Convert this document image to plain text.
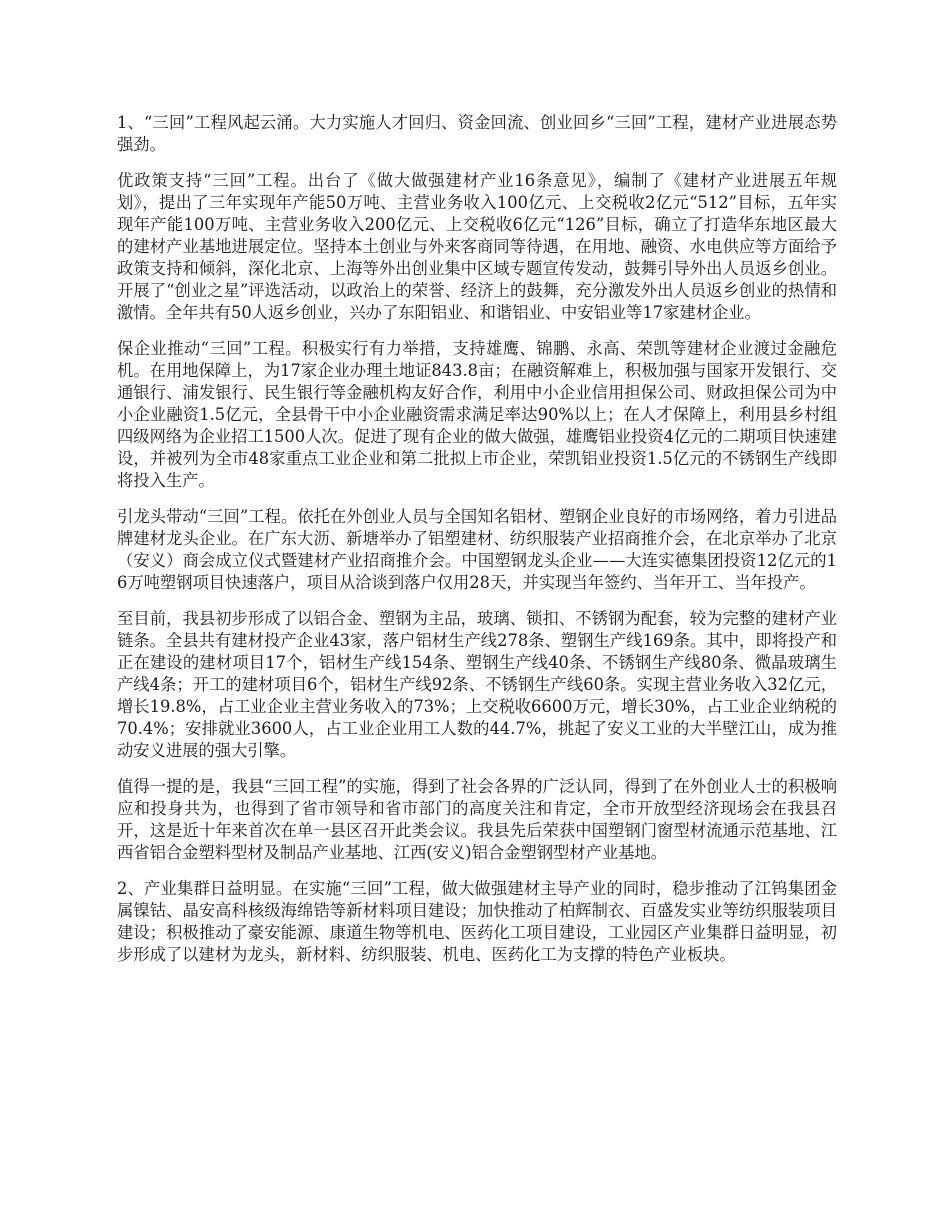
1、“三回”工程风起云涌。大力实施人才回归、资金回流、创业回乡“三回”工程，建材产业进展态势强劲。

优政策支持“三回”工程。出台了《做大做强建材产业16条意见》，编制了《建材产业进展五年规划》，提出了三年实现年产能50万吨、主营业务收入100亿元、上交税收2亿元“512”目标，五年实现年产能100万吨、主营业务收入200亿元、上交税收6亿元“126”目标，确立了打造华东地区最大的建材产业基地进展定位。坚持本土创业与外来客商同等待遇，在用地、融资、水电供应等方面给予政策支持和倾斜，深化北京、上海等外出创业集中区域专题宣传发动，鼓舞引导外出人员返乡创业。开展了“创业之星”评选活动，以政治上的荣誉、经济上的鼓舞，充分激发外出人员返乡创业的热情和激情。全年共有50人返乡创业，兴办了东阳铝业、和谐铝业、中安铝业等17家建材企业。

保企业推动“三回”工程。积极实行有力举措，支持雄鹰、锦鹏、永高、荣凯等建材企业渡过金融危机。在用地保障上，为17家企业办理土地证843.8亩；在融资解难上，积极加强与国家开发银行、交通银行、浦发银行、民生银行等金融机构友好合作，利用中小企业信用担保公司、财政担保公司为中小企业融资1.5亿元，全县骨干中小企业融资需求满足率达90%以上；在人才保障上，利用县乡村组四级网络为企业招工1500人次。促进了现有企业的做大做强，雄鹰铝业投资4亿元的二期项目快速建设，并被列为全市48家重点工业企业和第二批拟上市企业，荣凯铝业投资1.5亿元的不锈钢生产线即将投入生产。

引龙头带动“三回”工程。依托在外创业人员与全国知名铝材、塑钢企业良好的市场网络，着力引进品牌建材龙头企业。在广东大沥、新塘举办了铝塑建材、纺织服装产业招商推介会，在北京举办了北京（安义）商会成立仪式暨建材产业招商推介会。中国塑钢龙头企业——大连实德集团投资12亿元的16万吨塑钢项目快速落户，项目从洽谈到落户仅用28天，并实现当年签约、当年开工、当年投产。

至目前，我县初步形成了以铝合金、塑钢为主品，玻璃、锁扣、不锈钢为配套，较为完整的建材产业链条。全县共有建材投产企业43家，落户铝材生产线278条、塑钢生产线169条。其中，即将投产和正在建设的建材项目17个，铝材生产线154条、塑钢生产线40条、不锈钢生产线80条、微晶玻璃生产线4条；开工的建材项目6个，铝材生产线92条、不锈钢生产线60条。实现主营业务收入32亿元，增长19.8%，占工业企业主营业务收入的73%；上交税收6600万元，增长30%，占工业企业纳税的70.4%；安排就业3600人，占工业企业用工人数的44.7%，挑起了安义工业的大半壁江山，成为推动安义进展的强大引擎。

值得一提的是，我县“三回工程”的实施，得到了社会各界的广泛认同，得到了在外创业人士的积极响应和投身共为，也得到了省市领导和省市部门的高度关注和肯定，全市开放型经济现场会在我县召开，这是近十年来首次在单一县区召开此类会议。我县先后荣获中国塑钢门窗型材流通示范基地、江西省铝合金塑料型材及制品产业基地、江西(安义)铝合金塑钢型材产业基地。

2、产业集群日益明显。在实施“三回”工程，做大做强建材主导产业的同时，稳步推动了江钨集团金属镍钴、晶安高科核级海绵锆等新材料项目建设；加快推动了柏辉制衣、百盛发实业等纺织服装项目建设；积极推动了豪安能源、康道生物等机电、医药化工项目建设，工业园区产业集群日益明显，初步形成了以建材为龙头，新材料、纺织服装、机电、医药化工为支撑的特色产业板块。
